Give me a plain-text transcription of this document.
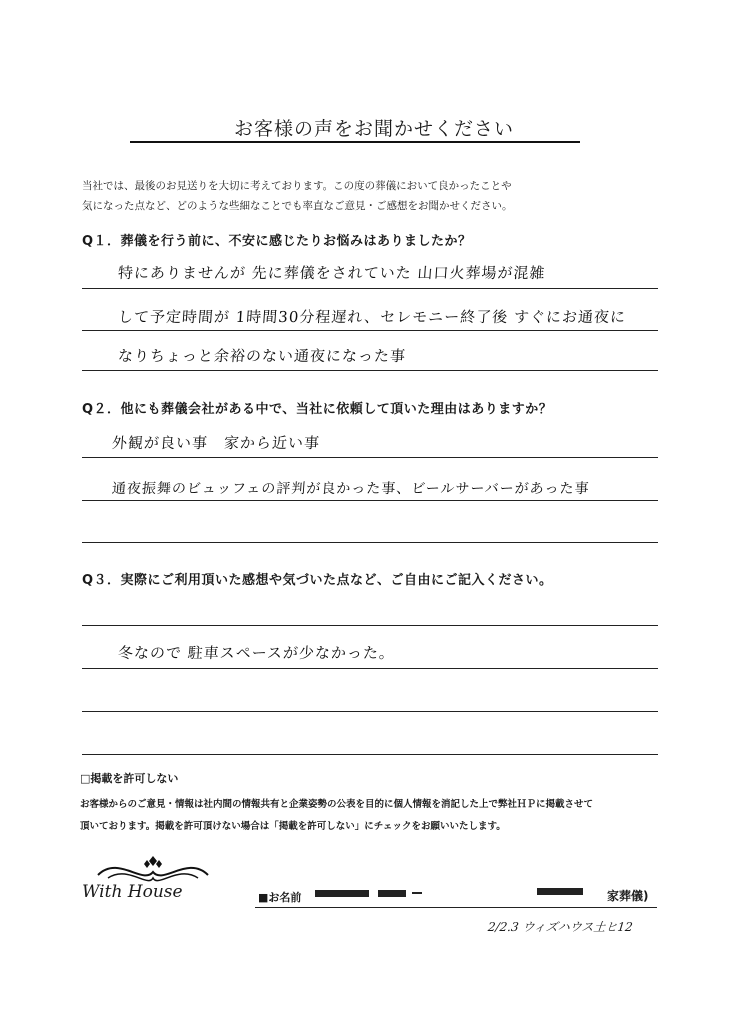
お客様の声をお聞かせください
当社では、最後のお見送りを大切に考えております。この度の葬儀において良かったことや
気になった点など、どのような些細なことでも率直なご意見・ご感想をお聞かせください。
Q１．葬儀を行う前に、不安に感じたりお悩みはありましたか？
特にありませんが 先に葬儀をされていた 山口火葬場が混雑
して予定時間が 1時間30分程遅れ、セレモニー終了後 すぐにお通夜に
なりちょっと余裕のない通夜になった事
Q２．他にも葬儀会社がある中で、当社に依頼して頂いた理由はありますか？
外観が良い事　家から近い事
通夜振舞のビュッフェの評判が良かった事、ビールサーバーがあった事
Q３．実際にご利用頂いた感想や気づいた点など、ご自由にご記入ください。
冬なので 駐車スペースが少なかった。
□掲載を許可しない
お客様からのご意見・情報は社内間の情報共有と企業姿勢の公表を目的に個人情報を消記した上で弊社ＨＰに掲載させて
頂いております。掲載を許可頂けない場合は「掲載を許可しない」にチェックをお願いいたします。
With House	■お名前	家葬儀)
2/2.3 ウィズハウス土ヒ12
